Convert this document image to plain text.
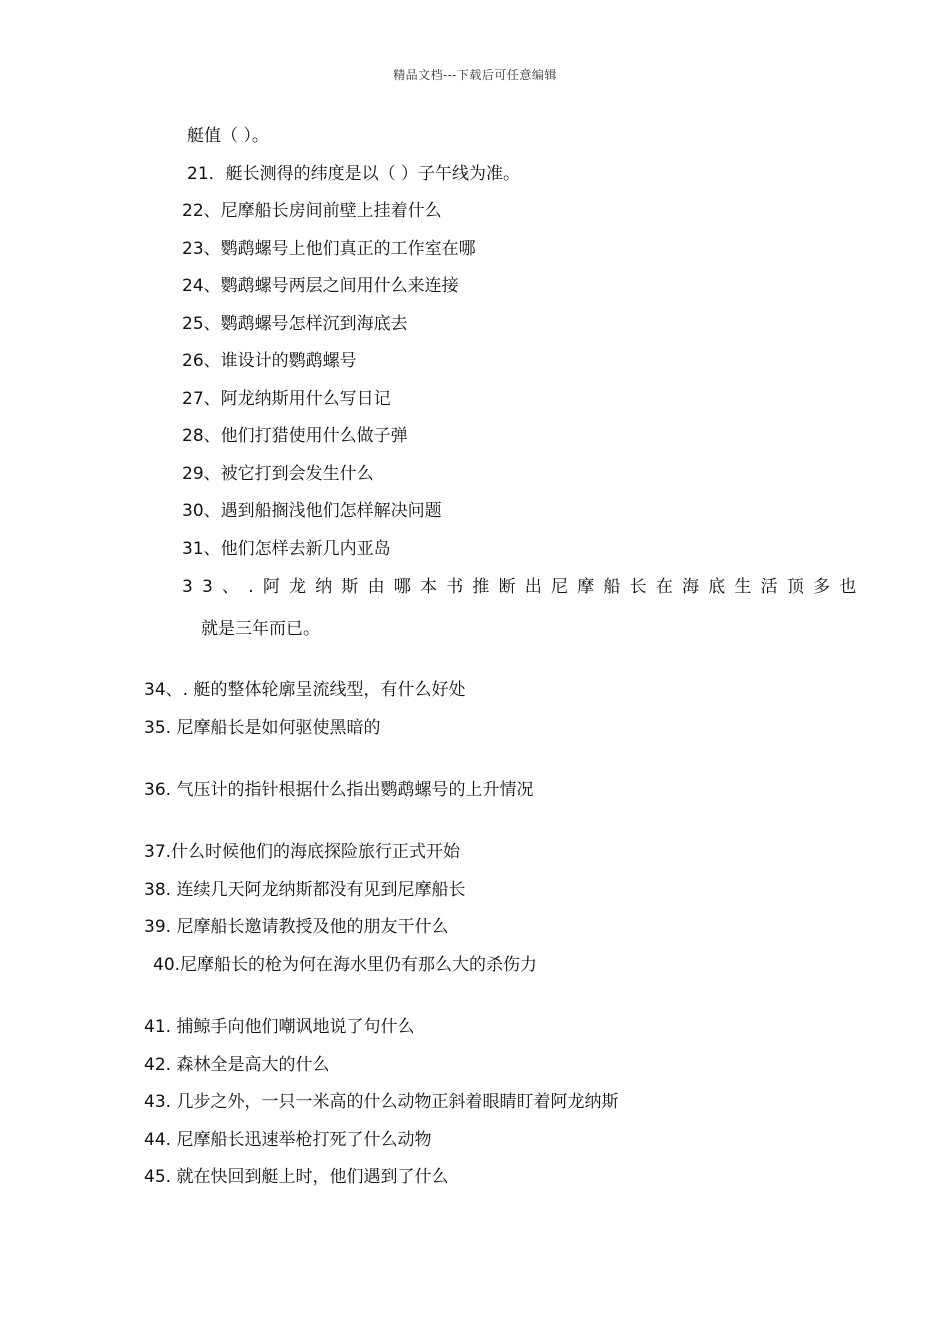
精品文档---下载后可任意编辑
艇值（ ）。
21．艇长测得的纬度是以（ ）子午线为准。
22、尼摩船长房间前壁上挂着什么
23、鹦鹉螺号上他们真正的工作室在哪
24、鹦鹉螺号两层之间用什么来连接
25、鹦鹉螺号怎样沉到海底去
26、谁设计的鹦鹉螺号
27、阿龙纳斯用什么写日记
28、他们打猎使用什么做子弹
29、被它打到会发生什么
30、遇到船搁浅他们怎样解决问题
31、他们怎样去新几内亚岛
33、.阿龙纳斯由哪本书推断出尼摩船长在海底生活顶多也
就是三年而已。
34、. 艇的整体轮廓呈流线型，有什么好处
35. 尼摩船长是如何驱使黑暗的
36. 气压计的指针根据什么指出鹦鹉螺号的上升情况
37.什么时候他们的海底探险旅行正式开始
38. 连续几天阿龙纳斯都没有见到尼摩船长
39. 尼摩船长邀请教授及他的朋友干什么
40.尼摩船长的枪为何在海水里仍有那么大的杀伤力
41. 捕鲸手向他们嘲讽地说了句什么
42. 森林全是高大的什么
43. 几步之外，一只一米高的什么动物正斜着眼睛盯着阿龙纳斯
44. 尼摩船长迅速举枪打死了什么动物
45. 就在快回到艇上时，他们遇到了什么
